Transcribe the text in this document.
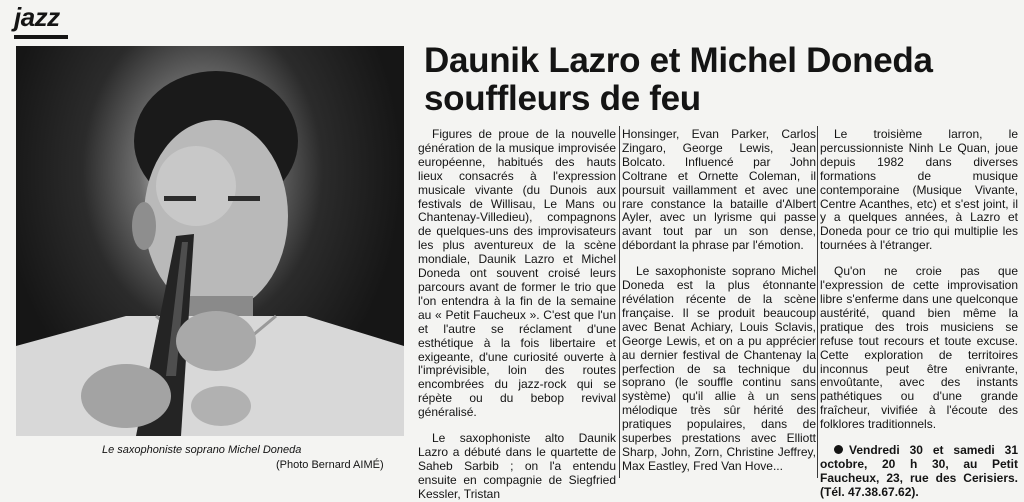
jazz
Le saxophoniste soprano Michel Doneda
(Photo Bernard AIMÉ)
Daunik Lazro et Michel Doneda
souffleurs de feu

Figures de proue de la nouvelle génération de la musique improvisée européenne, habitués des hauts lieux consacrés à l'expression musicale vivante (du Dunois aux festivals de Willisau, Le Mans ou Chantenay-Villedieu), compagnons de quelques-uns des improvisateurs les plus aventureux de la scène mondiale, Daunik Lazro et Michel Doneda ont souvent croisé leurs parcours avant de former le trio que l'on entendra à la fin de la semaine au « Petit Faucheux ». C'est que l'un et l'autre se réclament d'une esthétique à la fois libertaire et exigeante, d'une curiosité ouverte à l'imprévisible, loin des routes encombrées du jazz-rock qui se répète ou du bebop revival généralisé.

Le saxophoniste alto Daunik Lazro a débuté dans le quartette de Saheb Sarbib ; on l'a entendu ensuite en compagnie de Siegfried Kessler, Tristan

Honsinger, Evan Parker, Carlos Zingaro, George Lewis, Jean Bolcato. Influencé par John Coltrane et Ornette Coleman, il poursuit vaillamment et avec une rare constance la bataille d'Albert Ayler, avec un lyrisme qui passe avant tout par un son dense, débordant la phrase par l'émotion.

Le saxophoniste soprano Michel Doneda est la plus étonnante révélation récente de la scène française. Il se produit beaucoup avec Benat Achiary, Louis Sclavis, George Lewis, et on a pu apprécier au dernier festival de Chantenay la perfection de sa technique du soprano (le souffle continu sans système) qu'il allie à un sens mélodique très sûr hérité des pratiques populaires, dans de superbes prestations avec Elliott Sharp, John, Zorn, Christine Jeffrey, Max Eastley, Fred Van Hove...

Le troisième larron, le percussionniste Ninh Le Quan, joue depuis 1982 dans diverses formations de musique contemporaine (Musique Vivante, Centre Acanthes, etc) et s'est joint, il y a quelques années, à Lazro et Doneda pour ce trio qui multiplie les tournées à l'étranger.

Qu'on ne croie pas que l'expression de cette improvisation libre s'enferme dans une quelconque austérité, quand bien même la pratique des trois musiciens se refuse tout recours et toute excuse. Cette exploration de territoires inconnus peut être enivrante, envoûtante, avec des instants pathétiques ou d'une grande fraîcheur, vivifiée à l'écoute des folklores traditionnels.

Vendredi 30 et samedi 31 octobre, 20 h 30, au Petit Faucheux, 23, rue des Cerisiers. (Tél. 47.38.67.62).
